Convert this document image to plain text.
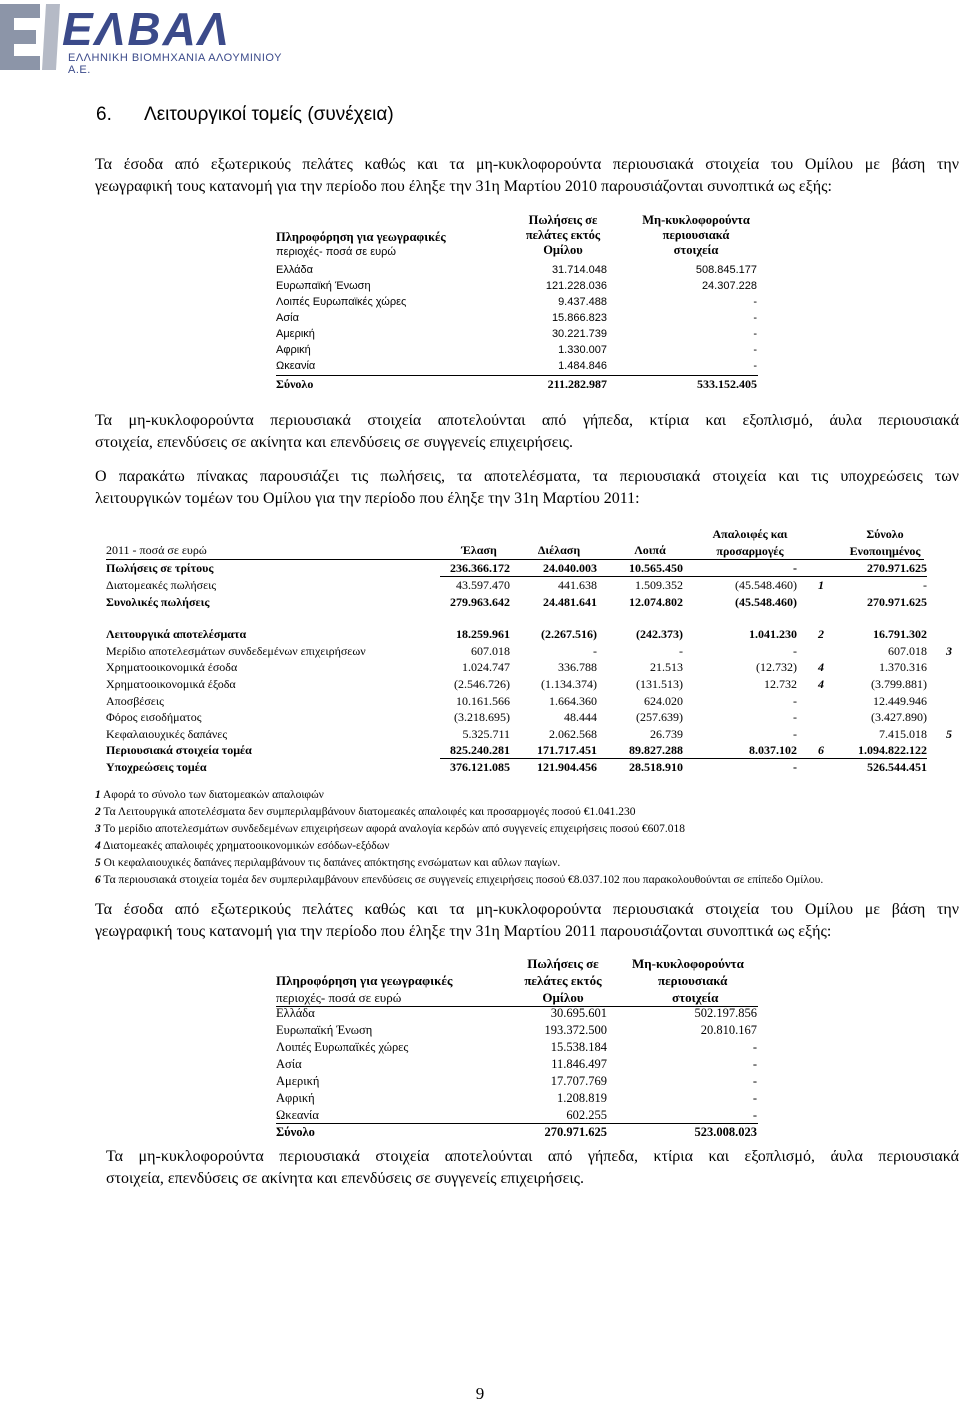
ΕΛΒΑΛ
ΕΛΛΗΝΙΚΗ ΒΙΟΜΗΧΑΝΙΑ ΑΛΟΥΜΙΝΙΟΥ Α.Ε.
6. Λειτουργικοί τομείς (συνέχεια)
Τα έσοδα από εξωτερικούς πελάτες καθώς και τα μη-κυκλοφορούντα περιουσιακά στοιχεία του Ομίλου με βάση την
γεωγραφική τους κατανομή για την περίοδο που έληξε την 31η Μαρτίου 2010 παρουσιάζονται συνοπτικά ως εξής:
Πληροφόρηση για γεωγραφικές
περιοχές- ποσά σε ευρώ
Πωλήσεις σε
πελάτες εκτός
Ομίλου
Μη-κυκλοφορούντα
περιουσιακά
στοιχεία
Ελλάδα	31.714.048	508.845.177
Ευρωπαϊκή Ένωση	121.228.036	24.307.228
Λοιπές Ευρωπαϊκές χώρες	9.437.488	-
Ασία	15.866.823	-
Αμερική	30.221.739	-
Αφρική	1.330.007	-
Ωκεανία	1.484.846	-
Σύνολο	211.282.987	533.152.405
Τα μη-κυκλοφορούντα περιουσιακά στοιχεία αποτελούνται από γήπεδα, κτίρια και εξοπλισμό, άυλα περιουσιακά
στοιχεία, επενδύσεις σε ακίνητα και επενδύσεις σε συγγενείς επιχειρήσεις.
Ο παρακάτω πίνακας παρουσιάζει τις πωλήσεις, τα αποτελέσματα, τα περιουσιακά στοιχεία και τις υποχρεώσεις των
λειτουργικών τομέων του Ομίλου για την περίοδο που έληξε την 31η Μαρτίου 2011:
2011 - ποσά σε ευρώ	Έλαση	Διέλαση	Λοιπά
Απαλοιφές και
προσαρμογές
Σύνολο
Ενοποιημένος
Πωλήσεις σε τρίτους	236.366.172	24.040.003	10.565.450	-	270.971.625
Διατομεακές πωλήσεις	43.597.470	441.638	1.509.352	(45.548.460)	-
1
Συνολικές πωλήσεις	279.963.642	24.481.641	12.074.802	(45.548.460)	270.971.625
Λειτουργικά αποτελέσματα	18.259.961	(2.267.516)	(242.373)	1.041.230	16.791.302
2
Μερίδιο αποτελεσμάτων συνδεδεμένων επιχειρήσεων	607.018	-	-	-	607.018 3
Χρηματοοικονομικά έσοδα	1.024.747	336.788	21.513	(12.732)	1.370.316
4
Χρηματοοικονομικά έξοδα	(2.546.726)	(1.134.374)	(131.513)	12.732	(3.799.881)
4
Αποσβέσεις	10.161.566	1.664.360	624.020	-	12.449.946
Φόρος εισοδήματος	(3.218.695)	48.444	(257.639)	-	(3.427.890)
Κεφαλαιουχικές δαπάνες	5.325.711	2.062.568	26.739	-	7.415.018 5
Περιουσιακά στοιχεία τομέα	825.240.281 171.717.451	89.827.288	8.037.102	1.094.822.122
6
Υποχρεώσεις τομέα	376.121.085 121.904.456	28.518.910	-	526.544.451
1 Αφορά το σύνολο των διατομεακών απαλοιφών
2 Τα Λειτουργικά αποτελέσματα δεν συμπεριλαμβάνουν διατομεακές απαλοιφές και προσαρμογές ποσού €1.041.230
3 Το μερίδιο αποτελεσμάτων συνδεδεμένων επιχειρήσεων αφορά αναλογία κερδών από συγγενείς επιχειρήσεις ποσού €607.018
4 Διατομεακές απαλοιφές χρηματοοικονομικών εσόδων-εξόδων
5 Οι κεφαλαιουχικές δαπάνες περιλαμβάνουν τις δαπάνες απόκτησης ενσώματων και αΰλων παγίων.
6 Τα περιουσιακά στοιχεία τομέα δεν συμπεριλαμβάνουν επενδύσεις σε συγγενείς επιχειρήσεις ποσού €8.037.102 που παρακολουθούνται σε επίπεδο Ομίλου.
Τα έσοδα από εξωτερικούς πελάτες καθώς και τα μη-κυκλοφορούντα περιουσιακά στοιχεία του Ομίλου με βάση την
γεωγραφική τους κατανομή για την περίοδο που έληξε την 31η Μαρτίου 2011 παρουσιάζονται συνοπτικά ως εξής:
Πληροφόρηση για γεωγραφικές
περιοχές- ποσά σε ευρώ
Πωλήσεις σε
πελάτες εκτός
Ομίλου
Μη-κυκλοφορούντα
περιουσιακά
στοιχεία
Ελλάδα	30.695.601	502.197.856
Ευρωπαϊκή Ένωση	193.372.500	20.810.167
Λοιπές Ευρωπαϊκές χώρες	15.538.184	-
Ασία	11.846.497	-
Αμερική	17.707.769	-
Αφρική	1.208.819	-
Ωκεανία	602.255	-
Σύνολο	270.971.625	523.008.023
Τα μη-κυκλοφορούντα περιουσιακά στοιχεία αποτελούνται από γήπεδα, κτίρια και εξοπλισμό, άυλα περιουσιακά
στοιχεία, επενδύσεις σε ακίνητα και επενδύσεις σε συγγενείς επιχειρήσεις.
9
